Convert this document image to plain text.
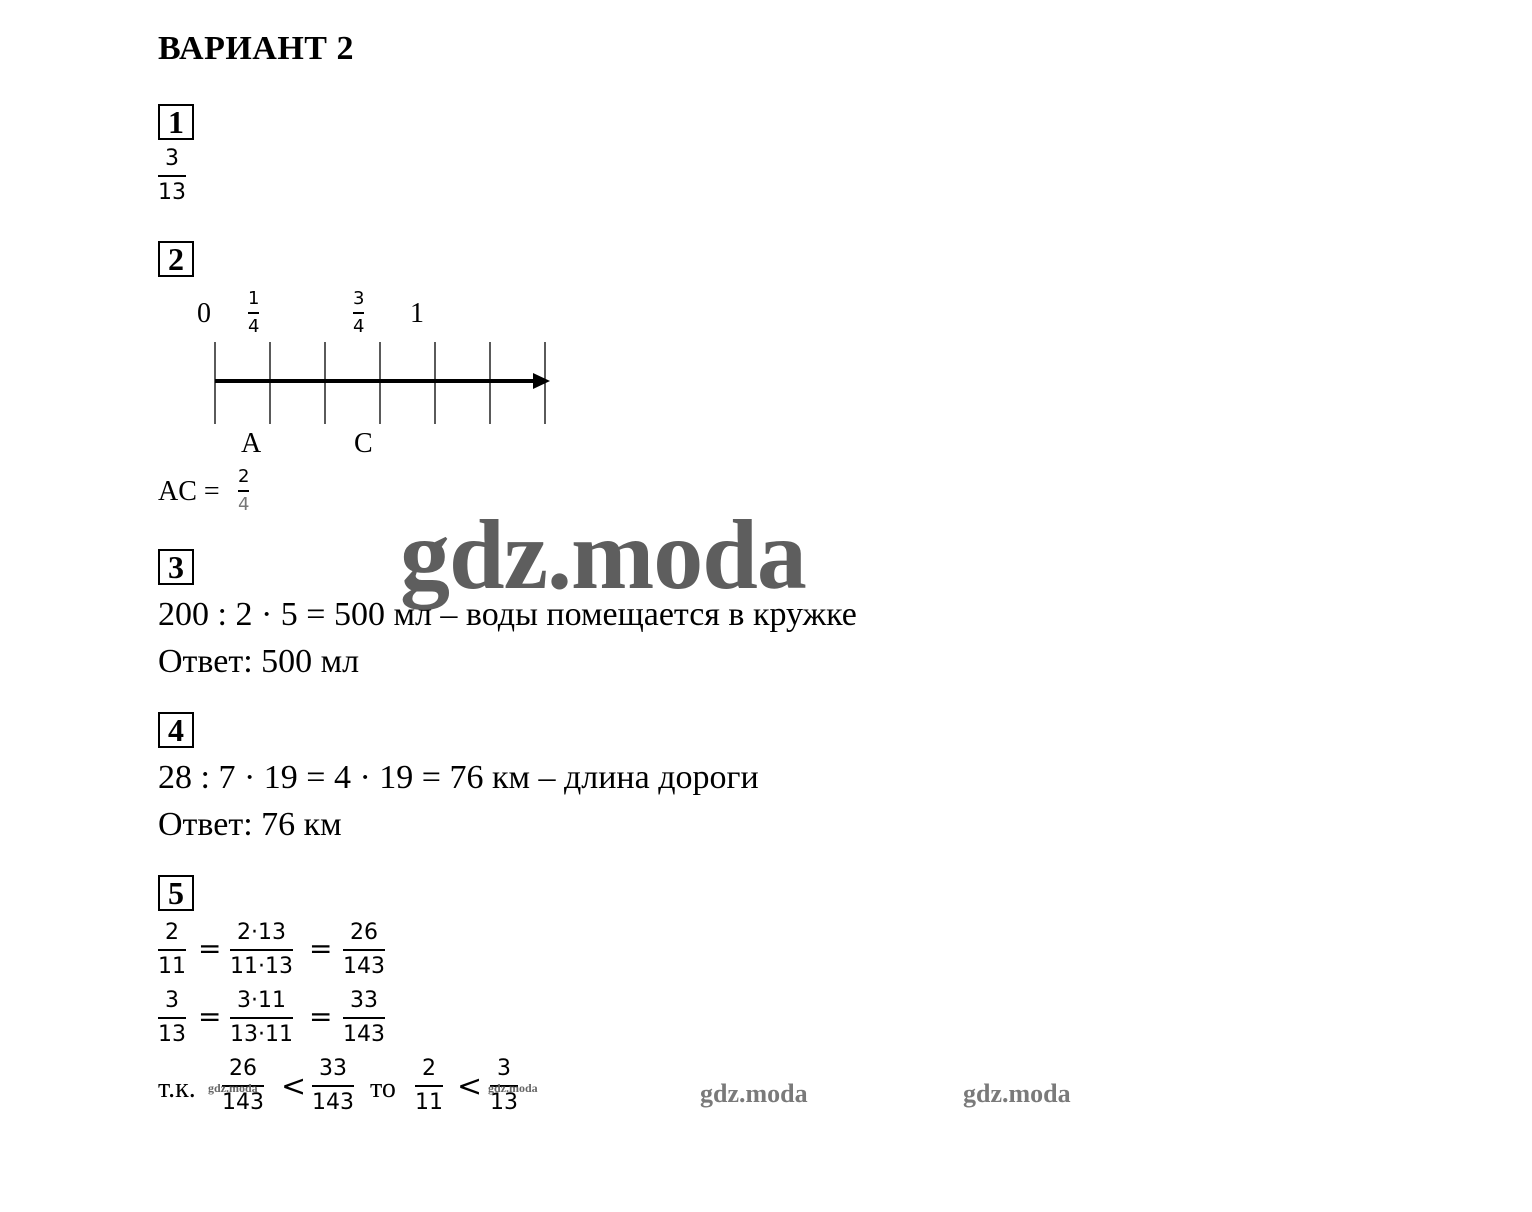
ВАРИАНТ 2
1
3
13
2
0 1
4
3
4 1
A	C
AC = 2
4
3
200 : 2 · 5 = 500 мл – воды помещается в кружке
Ответ: 500 мл
gdz.moda
4
28 : 7 · 19 = 4 · 19 = 76 км – длина дороги
Ответ: 76 км
5
2
11
= 2·13
11·13
= 26
143
3
13
= 3·11
13·11
= 33
143
т.к.
26
143
gdz.moda <
33
143 то
2
11 <
3
13
gdz.moda	gdz.moda	gdz.moda
